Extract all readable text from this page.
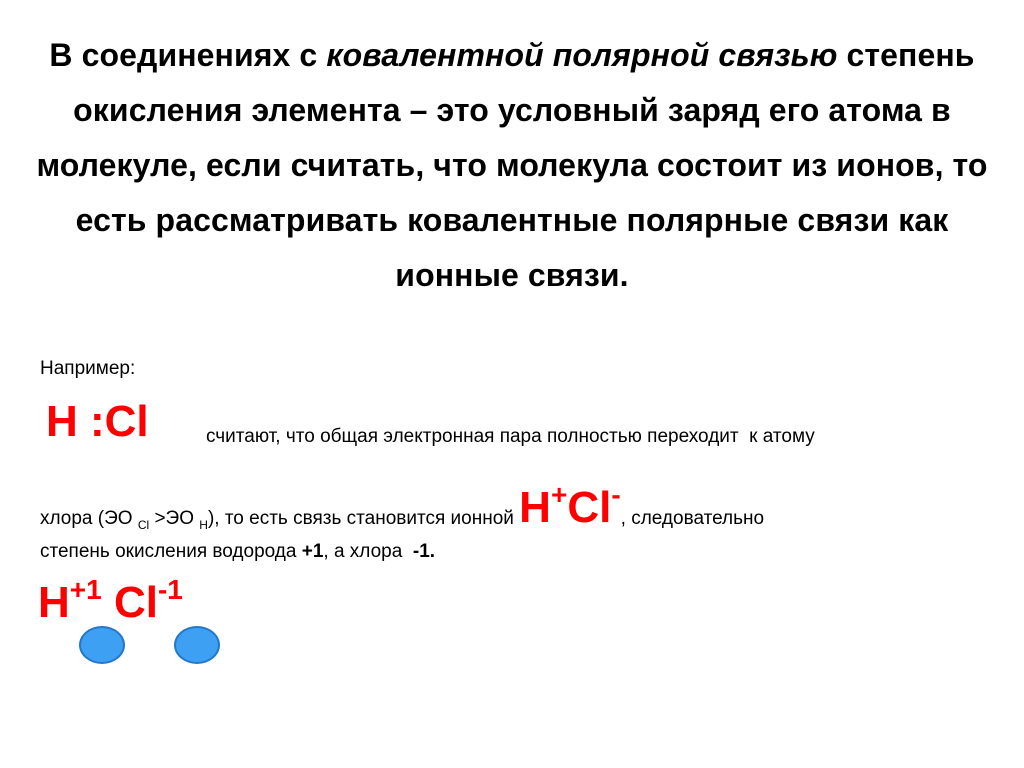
В соединениях с ковалентной полярной связью степень окисления элемента – это условный заряд его атома в молекуле, если считать, что молекула состоит из ионов, то есть рассматривать ковалентные полярные связи как ионные связи.
Например:
H :Cl	считают, что общая электронная пара полностью переходит  к атому
хлора (ЭО $_{Cl}$ >ЭО $_H$), то есть связь становится ионной H+Cl-, следовательно
степень окисления водорода +1, а хлора  -1.
$H^{+1}$ $Cl^{-1}$
